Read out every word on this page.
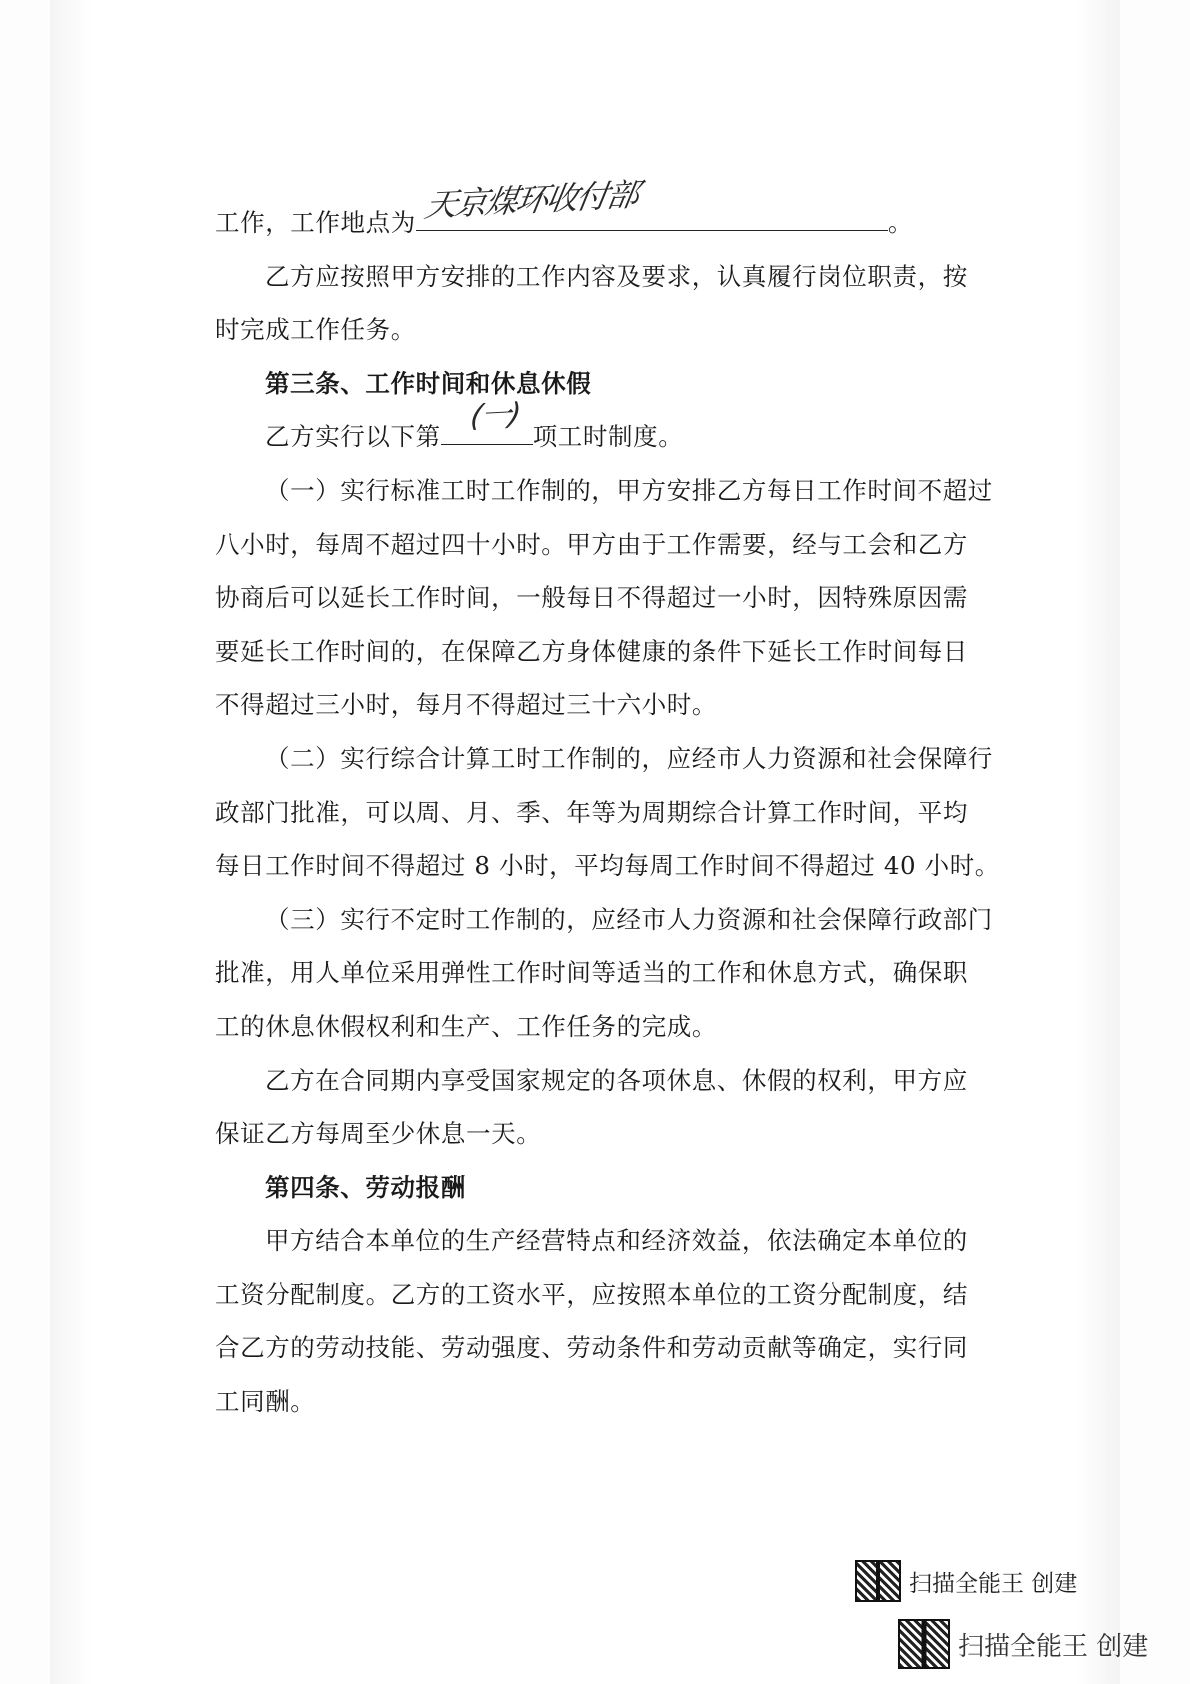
工作，工作地点为 天京煤环收付部	。
乙方应按照甲方安排的工作内容及要求，认真履行岗位职责，按
时完成工作任务。
第三条、工作时间和休息休假
乙方实行以下第
(一)
项工时制度。
（一）实行标准工时工作制的，甲方安排乙方每日工作时间不超过
八小时，每周不超过四十小时。甲方由于工作需要，经与工会和乙方
协商后可以延长工作时间，一般每日不得超过一小时，因特殊原因需
要延长工作时间的，在保障乙方身体健康的条件下延长工作时间每日
不得超过三小时，每月不得超过三十六小时。
（二）实行综合计算工时工作制的，应经市人力资源和社会保障行
政部门批准，可以周、月、季、年等为周期综合计算工作时间，平均
每日工作时间不得超过 8 小时，平均每周工作时间不得超过 40 小时。
（三）实行不定时工作制的，应经市人力资源和社会保障行政部门
批准，用人单位采用弹性工作时间等适当的工作和休息方式，确保职
工的休息休假权利和生产、工作任务的完成。
乙方在合同期内享受国家规定的各项休息、休假的权利，甲方应
保证乙方每周至少休息一天。
第四条、劳动报酬
甲方结合本单位的生产经营特点和经济效益，依法确定本单位的
工资分配制度。乙方的工资水平，应按照本单位的工资分配制度，结
合乙方的劳动技能、劳动强度、劳动条件和劳动贡献等确定，实行同
工同酬。
扫描全能王 创建
扫描全能王 创建
